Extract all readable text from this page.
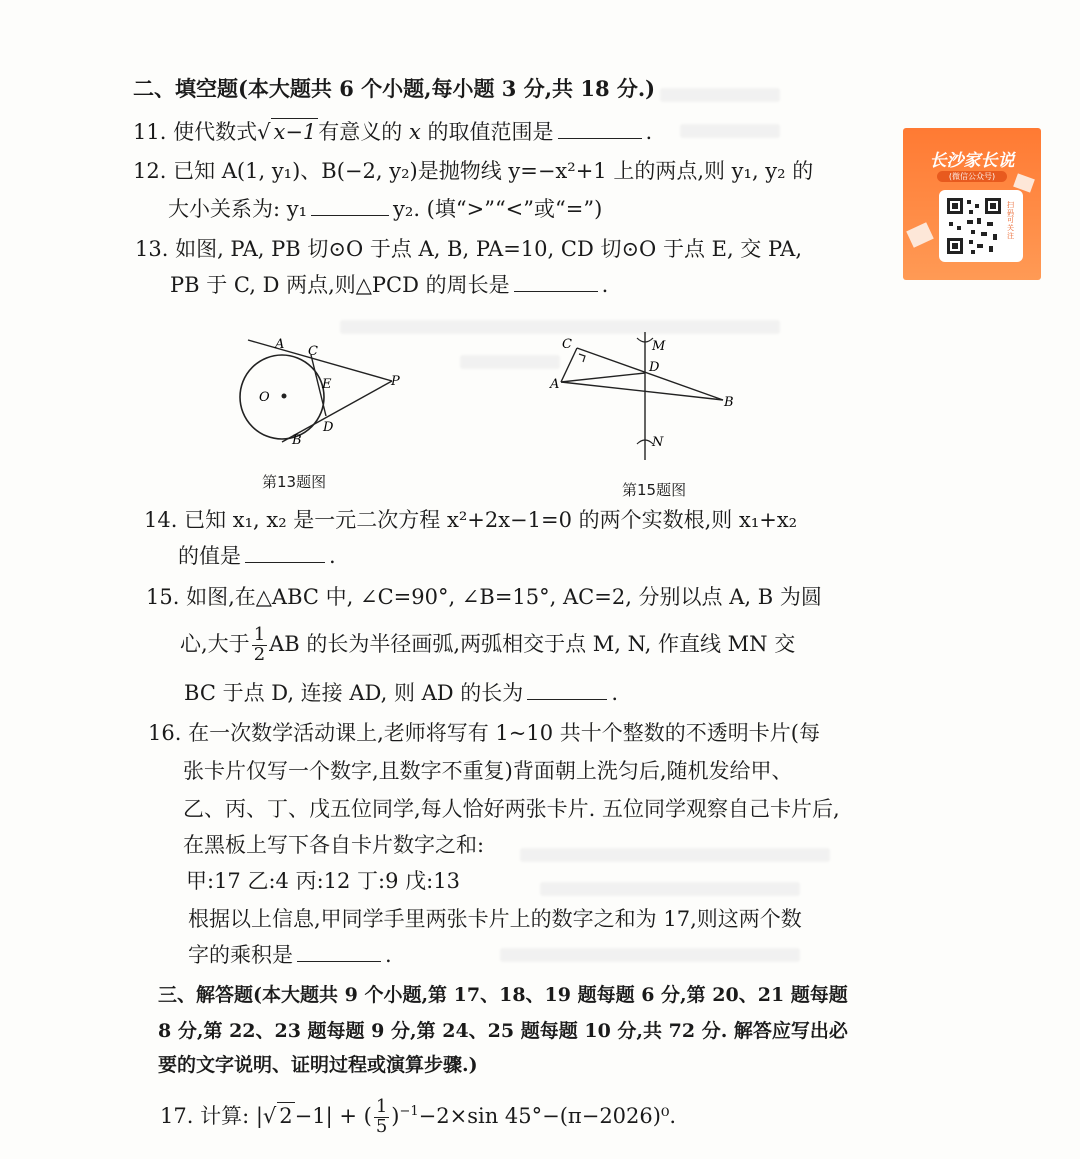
二、填空题(本大题共 6 个小题,每小题 3 分,共 18 分.)
11. 使代数式√ x−1有意义的 x 的取值范围是	.
12. 已知 A(1, y₁)、B(−2, y₂)是抛物线 y=−x²+1 上的两点,则 y₁, y₂ 的
大小关系为: y₁	y₂. (填“>”“<”或“=”)
13. 如图, PA, PB 切⊙O 于点 A, B, PA=10, CD 切⊙O 于点 E, 交 PA,
PB 于 C, D 两点,则△PCD 的周长是	.
A C
E
O
P
D
B
第13题图
C
A
D
M
B
N
第15题图
14. 已知 x₁, x₂ 是一元二次方程 x²+2x−1=0 的两个实数根,则 x₁+x₂
的值是	.
15. 如图,在△ABC 中, ∠C=90°, ∠B=15°, AC=2, 分别以点 A, B 为圆
心,大于 $\frac{1}{2}$ AB 的长为半径画弧,两弧相交于点 M, N, 作直线 MN 交
BC 于点 D, 连接 AD, 则 AD 的长为	.
16. 在一次数学活动课上,老师将写有 1~10 共十个整数的不透明卡片(每
张卡片仅写一个数字,且数字不重复)背面朝上洗匀后,随机发给甲、
乙、丙、丁、戊五位同学,每人恰好两张卡片. 五位同学观察自己卡片后,
在黑板上写下各自卡片数字之和:
甲:17 乙:4 丙:12 丁:9 戊:13
根据以上信息,甲同学手里两张卡片上的数字之和为 17,则这两个数
字的乘积是	.
三、解答题(本大题共 9 个小题,第 17、18、19 题每题 6 分,第 20、21 题每题
8 分,第 22、23 题每题 9 分,第 24、25 题每题 10 分,共 72 分. 解答应写出必
要的文字说明、证明过程或演算步骤.)
17. 计算: |√ 2−1| + ( $\frac{1}{5} )^{-1}-2\times\sin$ 45°−(π−2026)⁰.
长沙家长说
(微信公众号)
扫码可关注
